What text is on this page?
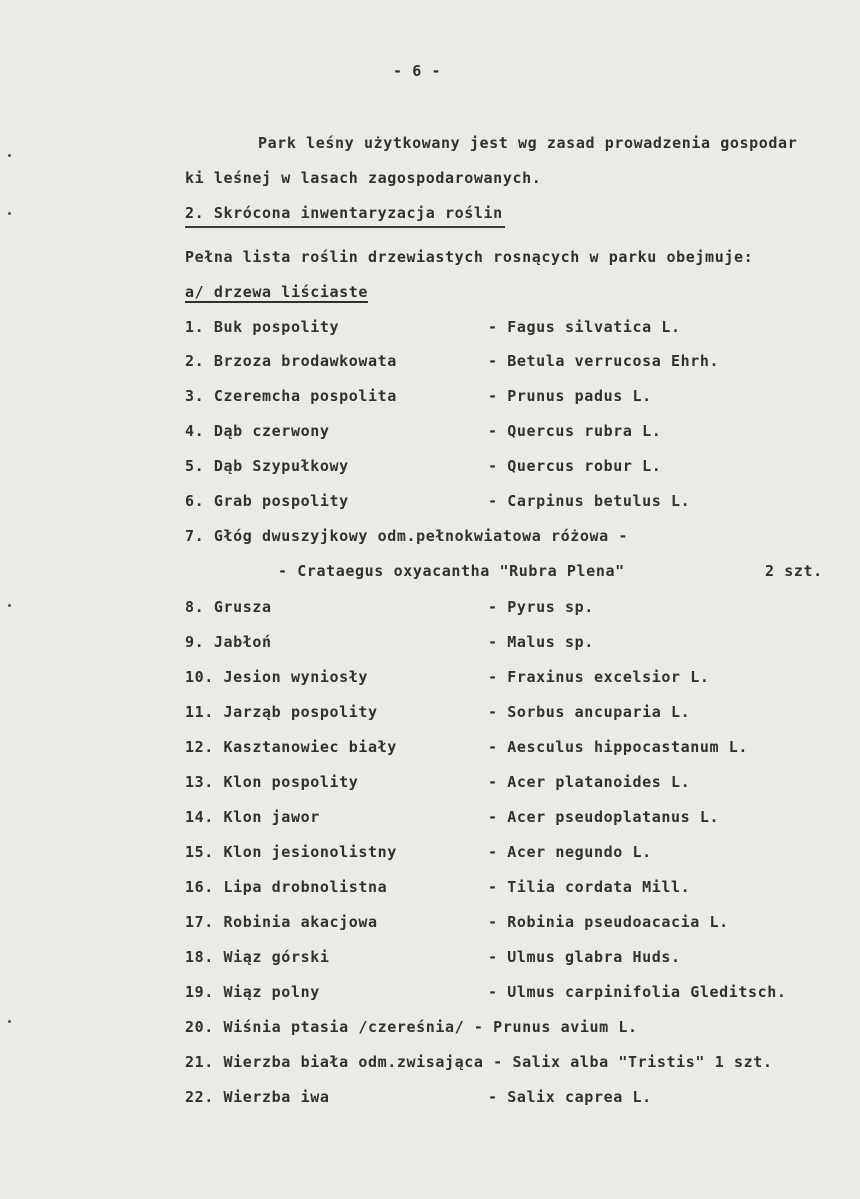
- 6 -
Park leśny użytkowany jest wg zasad prowadzenia gospodar
ki leśnej w lasach zagospodarowanych.
2. Skrócona inwentaryzacja roślin
Pełna lista roślin drzewiastych rosnących w parku obejmuje:
a/ drzewa liściaste
1. Buk pospolity	- Fagus silvatica L.
2. Brzoza brodawkowata	- Betula verrucosa Ehrh.
3. Czeremcha pospolita	- Prunus padus L.
4. Dąb czerwony	- Quercus rubra L.
5. Dąb Szypułkowy	- Quercus robur L.
6. Grab pospolity	- Carpinus betulus L.
7. Głóg dwuszyjkowy odm.pełnokwiatowa różowa -
- Crataegus oxyacantha "Rubra Plena"	2 szt.
8. Grusza	- Pyrus sp.
9. Jabłoń	- Malus sp.
10. Jesion wyniosły	- Fraxinus excelsior L.
11. Jarząb pospolity	- Sorbus ancuparia L.
12. Kasztanowiec biały	- Aesculus hippocastanum L.
13. Klon pospolity	- Acer platanoides L.
14. Klon jawor	- Acer pseudoplatanus L.
15. Klon jesionolistny	- Acer negundo L.
16. Lipa drobnolistna	- Tilia cordata Mill.
17. Robinia akacjowa	- Robinia pseudoacacia L.
18. Wiąz górski	- Ulmus glabra Huds.
19. Wiąz polny	- Ulmus carpinifolia Gleditsch.
20. Wiśnia ptasia /czereśnia/ - Prunus avium L.
21. Wierzba biała odm.zwisająca - Salix alba "Tristis" 1 szt.
22. Wierzba iwa	- Salix caprea L.
